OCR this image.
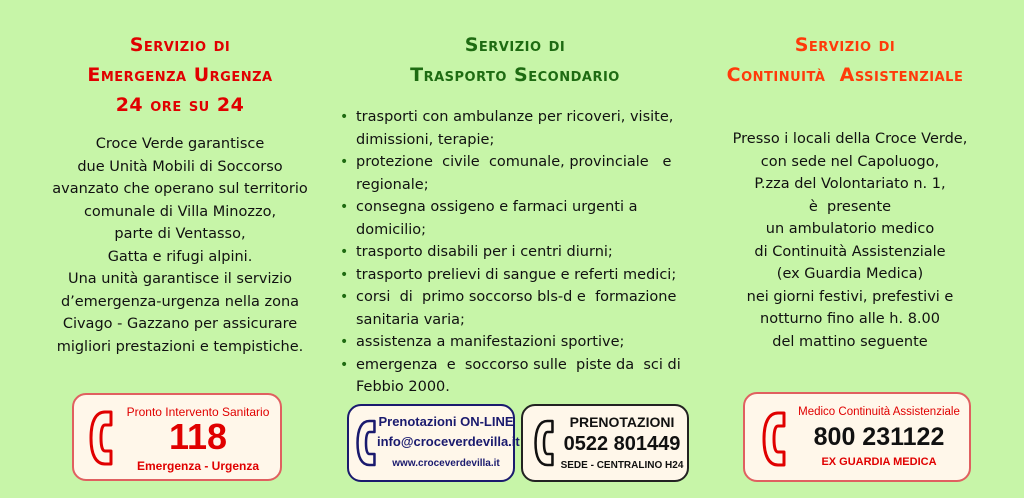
Servizio di
Emergenza Urgenza
24 ore su 24
Croce Verde garantisce
due Unità Mobili di Soccorso
avanzato che operano sul territorio
comunale di Villa Minozzo,
parte di Ventasso,
Gatta e rifugi alpini.
Una unità garantisce il servizio
d’emergenza-urgenza nella zona
Civago - Gazzano per assicurare
migliori prestazioni e tempistiche.
Pronto Intervento Sanitario
118
Emergenza - Urgenza
Servizio di
Trasporto Secondario
• trasporti con ambulanze per ricoveri, visite,
dimissioni, terapie;
• protezione  civile  comunale, provinciale   e
regionale;
• consegna ossigeno e farmaci urgenti a
domicilio;
• trasporto disabili per i centri diurni;
• trasporto prelievi di sangue e referti medici;
• corsi  di  primo soccorso bls-d e  formazione
sanitaria varia;
• assistenza a manifestazioni sportive;
• emergenza  e  soccorso sulle  piste da  sci di
Febbio 2000.
Prenotazioni ON-LINE
info@croceverdevilla.it
www.croceverdevilla.it
PRENOTAZIONI
0522 801449
SEDE - CENTRALINO H24
Servizio di
Continuità  Assistenziale
Presso i locali della Croce Verde,
con sede nel Capoluogo,
P.zza del Volontariato n. 1,
è  presente
un ambulatorio medico
di Continuità Assistenziale
(ex Guardia Medica)
nei giorni festivi, prefestivi e
notturno fino alle h. 8.00
del mattino seguente
Medico Continuità Assistenziale
800 231122
EX GUARDIA MEDICA
